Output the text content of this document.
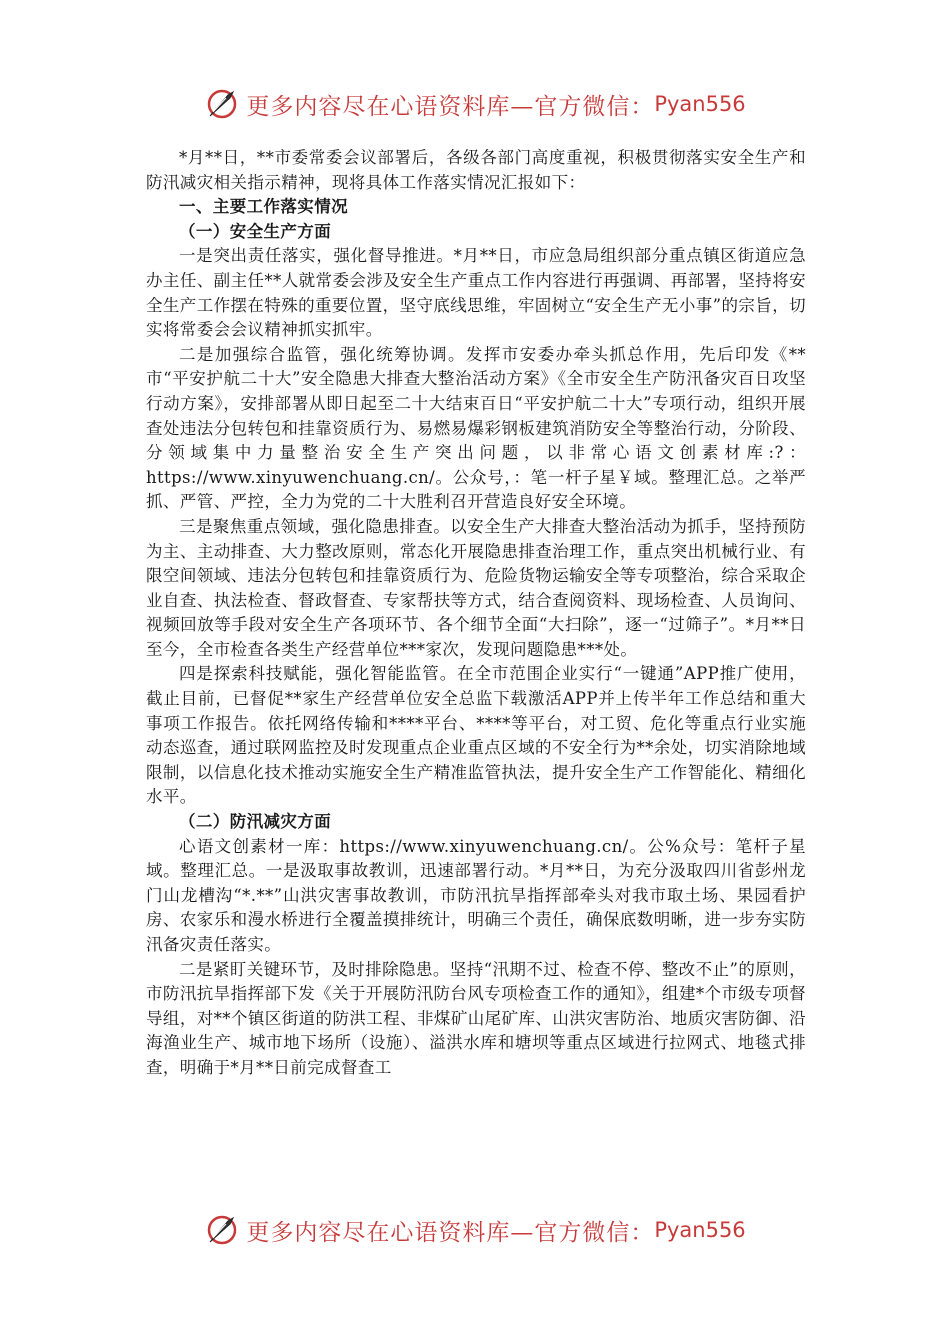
更多内容尽在心语资料库—官方微信： Pyan556

*月**日，**市委常委会议部署后，各级各部门高度重视，积极贯彻落实安全生产和防汛减灾相关指示精神，现将具体工作落实情况汇报如下：

一、主要工作落实情况

（一）安全生产方面

一是突出责任落实，强化督导推进。*月**日，市应急局组织部分重点镇区街道应急办主任、副主任**人就常委会涉及安全生产重点工作内容进行再强调、再部署，坚持将安全生产工作摆在特殊的重要位置，坚守底线思维，牢固树立“安全生产无小事”的宗旨，切实将常委会会议精神抓实抓牢。

二是加强综合监管，强化统筹协调。发挥市安委办牵头抓总作用，先后印发《**市“平安护航二十大”安全隐患大排查大整治活动方案》《全市安全生产防汛备灾百日攻坚行动方案》，安排部署从即日起至二十大结束百日“平安护航二十大”专项行动，组织开展查处违法分包转包和挂靠资质行为、易燃易爆彩钢板建筑消防安全等整治行动，分阶段、分领域集中力量整治安全生产突出问题，以非常心语文创素材库:?：https://www.xinyuwenchuang.cn/。公众号，：笔一杆子星￥域。整理汇总。之举严抓、严管、严控，全力为党的二十大胜利召开营造良好安全环境。

三是聚焦重点领域，强化隐患排查。以安全生产大排查大整治活动为抓手，坚持预防为主、主动排查、大力整改原则，常态化开展隐患排查治理工作，重点突出机械行业、有限空间领域、违法分包转包和挂靠资质行为、危险货物运输安全等专项整治，综合采取企业自查、执法检查、督政督查、专家帮扶等方式，结合查阅资料、现场检查、人员询问、视频回放等手段对安全生产各项环节、各个细节全面“大扫除”，逐一“过筛子”。*月**日至今，全市检查各类生产经营单位***家次，发现问题隐患***处。

四是探索科技赋能，强化智能监管。在全市范围企业实行“一键通”APP推广使用，截止目前，已督促**家生产经营单位安全总监下载激活APP并上传半年工作总结和重大事项工作报告。依托网络传输和****平台、****等平台，对工贸、危化等重点行业实施动态巡查，通过联网监控及时发现重点企业重点区域的不安全行为**余处，切实消除地域限制，以信息化技术推动实施安全生产精准监管执法，提升安全生产工作智能化、精细化水平。

（二）防汛减灾方面

心语文创素材一库：https://www.xinyuwenchuang.cn/。公%众号：笔杆子星域。整理汇总。一是汲取事故教训，迅速部署行动。*月**日，为充分汲取四川省彭州龙门山龙槽沟“*.**”山洪灾害事故教训，市防汛抗旱指挥部牵头对我市取土场、果园看护房、农家乐和漫水桥进行全覆盖摸排统计，明确三个责任，确保底数明晰，进一步夯实防汛备灾责任落实。

二是紧盯关键环节，及时排除隐患。坚持“汛期不过、检查不停、整改不止”的原则，市防汛抗旱指挥部下发《关于开展防汛防台风专项检查工作的通知》，组建*个市级专项督导组，对**个镇区街道的防洪工程、非煤矿山尾矿库、山洪灾害防治、地质灾害防御、沿海渔业生产、城市地下场所（设施）、溢洪水库和塘坝等重点区域进行拉网式、地毯式排查，明确于*月**日前完成督查工

更多内容尽在心语资料库—官方微信： Pyan556
